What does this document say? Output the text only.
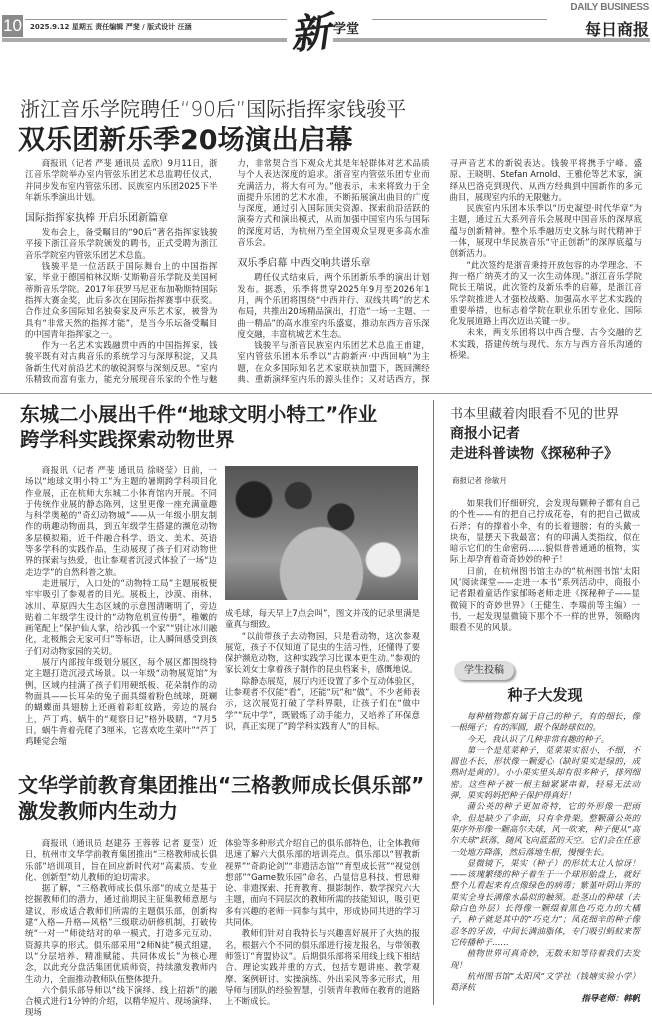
10 2025.9.12 星期五 责任编辑 严斐 / 版式设计 汪涵 新 学堂
DAILY BUSINESS
每日商报
浙江音乐学院聘任“90后”国际指挥家钱骏平
双乐团新乐季20场演出启幕

商报讯（记者 严斐 通讯员 孟欣）9月11日，浙江音乐学院举办室内管弦乐团艺术总监聘任仪式，并同步发布室内管弦乐团、民族室内乐团2025下半年新乐季演出计划。

国际指挥家执棒 开启乐团新篇章

发布会上，备受瞩目的“90后”著名指挥家钱骏平接下浙江音乐学院颁发的聘书，正式受聘为浙江音乐学院室内管弦乐团艺术总监。

钱骏平是一位活跃于国际舞台上的中国指挥家，毕业于德国柏林汉斯·艾斯勒音乐学院及美国柯蒂斯音乐学院。2017年获罗马尼亚布加勒斯特国际指挥大赛金奖，此后多次在国际指挥赛事中获奖。合作过众多国际知名独奏家及声乐艺术家，被誉为具有“非常天然的指挥才能”，是当今乐坛备受瞩目的中国青年指挥家之一。

作为一名艺术实践融贯中西的中国指挥家，钱骏平既有对古典音乐的系统学习与深厚积淀，又具备新生代对前沿艺术的敏锐洞察与深刻反思。“室内乐精致而富有张力，能充分展现音乐家的个性与魅力，非常契合当下观众尤其是年轻群体对艺术品质与个人表达深度的追求。浙音室内管弦乐团专业而充满活力，将大有可为。”他表示，未来将致力于全面提升乐团的艺术水准，不断拓展演出曲目的广度与深度，通过引入国际顶尖资源、探索前沿活跃的演奏方式和演出模式，从而加强中国室内乐与国际的深度对话，为杭州乃至全国观众呈现更多高水准音乐会。

双乐季启幕 中西交响共谱乐章

聘任仪式结束后，两个乐团新乐季的演出计划发布。据悉，乐季将贯穿2025年9月至2026年1月，两个乐团将围绕“中西并行、双线共鸣”的艺术布局，共推出20场精品演出，打造“一场一主题、一曲一精品”的高水准室内乐盛宴，推动东西方音乐深度交融，丰富杭城艺术生态。

钱骏平与浙音民族室内乐团艺术总监王甫建，室内管弦乐团本乐季以“古韵新声·中西回响”为主题，在众多国际知名艺术家联袂加盟下，既回溯经典、重新演绎室内乐的源头佳作；又对话西方，探寻声音艺术的新锐表达。钱骏平将携手宁峰、盛原、王晓明、Stefan Arnold、王雅伦等艺术家，演绎从巴洛克到现代、从西方经典到中国新作的多元曲目，展现室内乐的无限魅力。

民族室内乐团本乐季以“历史凝望·时代华章”为主题，通过五大系列音乐会展现中国音乐的深厚底蕴与创新精神。整个乐季融历史文脉与时代精神于一体，展现中华民族音乐“守正创新”的深厚底蕴与创新活力。

“此次签约是浙音秉持开放包容的办学理念、不拘一格广纳英才的又一次生动体现。”浙江音乐学院院长王瑞说，此次签约及新乐季的启幕，是浙江音乐学院推进人才强校战略、加强高水平艺术实践的重要举措，也标志着学院在职业乐团专业化、国际化发展道路上再次迈出关键一步。

未来，两支乐团将以中西合璧、古今交融的艺术实践，搭建传统与现代、东方与西方音乐沟通的桥梁。

东城二小展出千件“地球文明小特工”作业
跨学科实践探索动物世界

商报讯（记者 严斐 通讯员 徐晓莹）日前，一场以“地球文明小特工”为主题的暑期跨学科项目化作业展，正在杭师大东城二小体育馆内开展。不同于传统作业展的静态陈列，这里更像一座充满童趣与科学奥秘的“奇幻动物城”——从一年级小朋友制作的萌趣动物面具，到五年级学生搭建的濒危动物多层模拟箱，近千件融合科学、语文、美术、英语等多学科的实践作品，生动展现了孩子们对动物世界的探索与热爱，也让参观者沉浸式体验了一场“边走边学”的自然科普之旅。

走进展厅，入口处的“动物特工局”主题展板便牢牢吸引了参观者的目光。展板上，沙漠、雨林、冰川、草原四大生态区域的示意图清晰明了，旁边贴着二年级学生设计的“动物危机宣传册”，稚嫩的画笔配上“保护仙人掌，给沙狐一个家”“别让冰川融化，北极熊会无家可归”等标语，让人瞬间感受到孩子们对动物家园的关切。

展厅内部按年级划分展区，每个展区都围绕特定主题打造沉浸式场景。以一年级“动物展览馆”为例，区域内挂满了孩子们用硬纸板、花朵制作的动物面具——长耳朵的兔子面具缀着粉色绒球，斑斓的蝴蝶面具翅膀上还画着彩虹纹路，旁边的展台上，芦丁鸡、蜗牛的“观察日记”格外吸睛，“7月5日，蜗牛背着壳爬了3厘米，它喜欢吃生菜叶”“芦丁鸡睡觉会缩

成毛球，每天早上7点会叫”，图文并茂的记录里满是童真与细致。

“以前带孩子去动物园，只是看动物，这次参观展览，孩子不仅知道了昆虫的生活习性，还懂得了要保护濒危动物，这种实践学习比课本更生动。”参观的家长刘女士拿着孩子制作的昆虫档案卡，感慨地说。

除静态展览，展厅内还设置了多个互动体验区，让参观者不仅能“看”，还能“玩”和“做”。不少老师表示，这次展览打破了学科界限，让孩子们在“做中学”“玩中学”，既锻炼了动手能力，又培养了环保意识，真正实现了“跨学科实践育人”的目标。

书本里藏着肉眼看不见的世界
商报小记者
走进科普读物《探秘种子》
商报记者 徐敏月

如果我们仔细研究，会发现每颗种子都有自己的个性——有的把自己拧成花卷，有的把自己做成石斧；有的撑着小伞，有的长着翅膀；有的头戴一块布，显摆天下我最富；有的印满人类指纹，似在暗示它们的生命密码……貌似普普通通的植物，实际上却孕育着奇奇妙妙的种子！

日前，在杭州图书馆主办的“杭州图书馆‘太阳风’阅读课堂——走进一本书”系列活动中，商报小记者跟着童话作家郁旸老师走进《探秘种子——显微镜下的奇妙世界》（王健生、李瑞前等主编）一书，一起发现显微镜下那个不一样的世界，领略肉眼看不见的风景。

学生投稿
种子大发现

每种植物都有属于自己的种子，有的细长，像一根绳子；有的浑圆，跟个保龄球似的。

今天，我认识了几种非常有趣的种子。

第一个是苋菜种子，苋菜果实很小，不细，不圆也不长，形状像一颗爱心（缺时果实是绿的，成熟时是黄的）。小小果实里头却有很多种子，排列细密。这些种子被一根主轴紧紧串着，轻易无法动弹，果实妈妈把种子保护得真好！

蒲公英的种子更加奇特，它的外形像一把雨伞，但是缺少了伞面，只有伞骨架。整颗蒲公英的果序外形像一颗高尔夫球，风一吹来，种子便从“高尔夫球”跃落，随风飞向蓝蓝的天空。它们会在任意一处地方降落，然后落地生根，慢慢生长。

显微镜下，果实（种子）的形状太让人惊讶！——该瑰繁缕的种子着生于一个球形胎盘上，就好整个儿看起来有点像绿色的病毒；紫堇叶阴山荠的果实全身长满像水晶似的触须。赴茎山的种球（去除白色外层）长得像一颗缀着黑色巧克力的大橘子，种子就是其中的“巧克力”；凤花细辛的种子像忍冬的牙齿，中间长满油脂体，专门吸引蚂蚁来帮它传播种子……

植物世界可真奇妙，无数未知等待着我们去发现！

杭州图书馆“太阳风”文学社（钱塘实验小学）葛泽杭

指导老师：韩帆

文华学前教育集团推出“三格教师成长俱乐部”
激发教师内生动力

商报讯（通讯员 赵建芬 王蓉蓉 记者 夏莹）近日，杭州市文华学前教育集团推出“三格教师成长俱乐部”培训项目，旨在回应新时代对“高素质、专业化、创新型”幼儿教师的迫切需求。

据了解，“三格教师成长俱乐部”的成立是基于挖掘教师们的潜力，通过前期民主征集教师意愿与建议，形成适合教师们所需的主题俱乐部，创新构建“入格—升格—风格”三级联动研修机制，打破传统“一对一”师徒结对的单一模式，打造多元互动、资源共享的形式。俱乐部采用“2师N徒”模式组建，以“分层培养、精准赋能、共同体成长”为核心理念，以此充分盘活集团优质师资，持续激发教师内生动力，全面推动教师队伍整体提升。

六个俱乐部导师以“线下演绎、线上招新”的融合模式进行1分钟的介绍，以精华短片、现场演绎、现场

体验等多种形式介绍自己的俱乐部特色，让全体教师迅速了解六大俱乐部的培训亮点。俱乐部以“智教新视界”“奇韵论剑”“非遗活态馆”“育型成长营”“视觉创想部”“Game数乐园”命名，凸显信息科技、哲思辩论、非遗探索、托育教育、摄影制作、数学探究六大主题，面向不同层次的教师所需的技能知识，吸引更多有兴趣的老师一同参与其中，形成协同共进的学习共同体。

教师们针对自我特长与兴趣喜好展开了火热的报名，根据六个不同的俱乐部进行接龙报名，与带领教师签订“育盟协议”。后期俱乐部将采用线上线下相结合、理论实践并重的方式，包括专题讲座、教学观摩、案例研讨、实操演练、外出采风等多元形式，用导师与团队的经验智慧，引领青年教师在教育的道路上不断成长。
